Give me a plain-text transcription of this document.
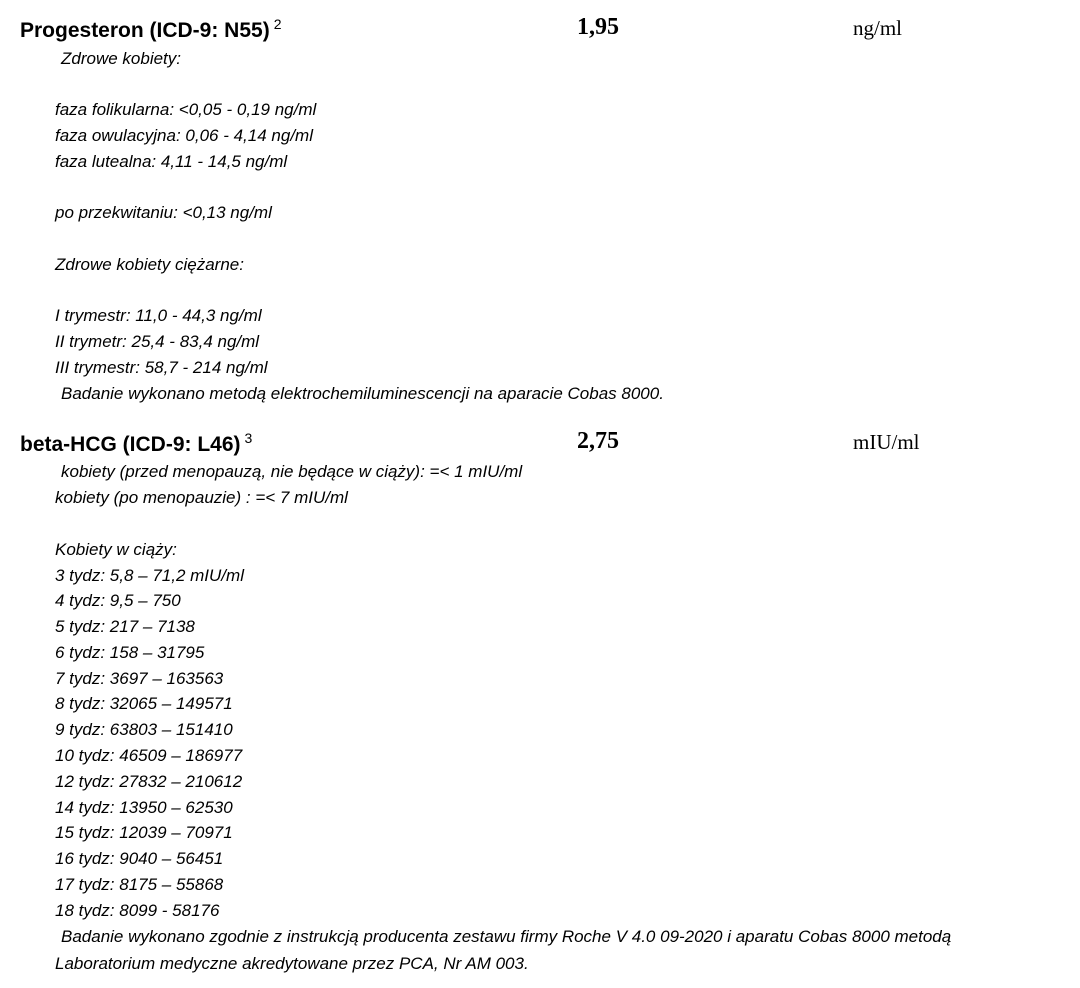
Progesteron (ICD-9: N55) $^2$	1,95	ng/ml
Zdrowe kobiety:
faza folikularna: <0,05 - 0,19 ng/ml
faza owulacyjna: 0,06 - 4,14 ng/ml
faza lutealna: 4,11 - 14,5 ng/ml
po przekwitaniu: <0,13 ng/ml
Zdrowe kobiety ciężarne:
I trymestr: 11,0 - 44,3 ng/ml
II trymetr: 25,4 - 83,4 ng/ml
III trymestr: 58,7 - 214 ng/ml
Badanie wykonano metodą elektrochemiluminescencji na aparacie Cobas 8000.
beta-HCG (ICD-9: L46) $^3$	2,75	mIU/ml
kobiety (przed menopauzą, nie będące w ciąży): =< 1 mIU/ml
kobiety (po menopauzie) : =< 7 mIU/ml
Kobiety w ciąży:
3 tydz: 5,8 – 71,2 mIU/ml
4 tydz: 9,5 – 750
5 tydz: 217 – 7138
6 tydz: 158 – 31795
7 tydz: 3697 – 163563
8 tydz: 32065 – 149571
9 tydz: 63803 – 151410
10 tydz: 46509 – 186977
12 tydz: 27832 – 210612
14 tydz: 13950 – 62530
15 tydz: 12039 – 70971
16 tydz: 9040 – 56451
17 tydz: 8175 – 55868
18 tydz: 8099 - 58176
Badanie wykonano zgodnie z instrukcją producenta zestawu firmy Roche V 4.0 09-2020 i aparatu Cobas 8000 metodą
Laboratorium medyczne akredytowane przez PCA, Nr AM 003.
